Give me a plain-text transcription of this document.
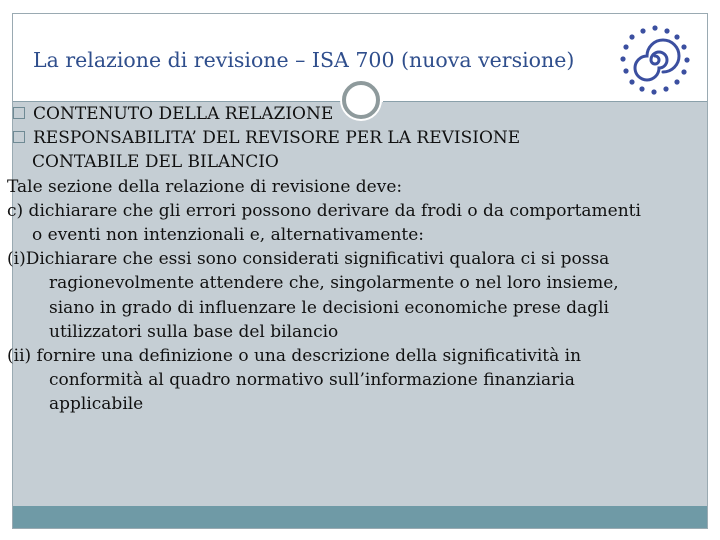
La relazione di revisione – ISA 700 (nuova versione)
CONTENUTO DELLA RELAZIONE
RESPONSABILITA’ DEL REVISORE PER LA REVISIONE
CONTABILE DEL BILANCIO
Tale sezione della relazione di revisione deve:
c) dichiarare che gli errori possono derivare da frodi o da comportamenti
o eventi non intenzionali e, alternativamente:
(i)Dichiarare che essi sono considerati significativi qualora ci si possa
ragionevolmente attendere che, singolarmente o nel loro insieme,
siano in grado di influenzare le decisioni economiche prese dagli
utilizzatori sulla base del bilancio
(ii) fornire una definizione o una descrizione della significatività in
conformità al quadro normativo sull’informazione finanziaria
applicabile
